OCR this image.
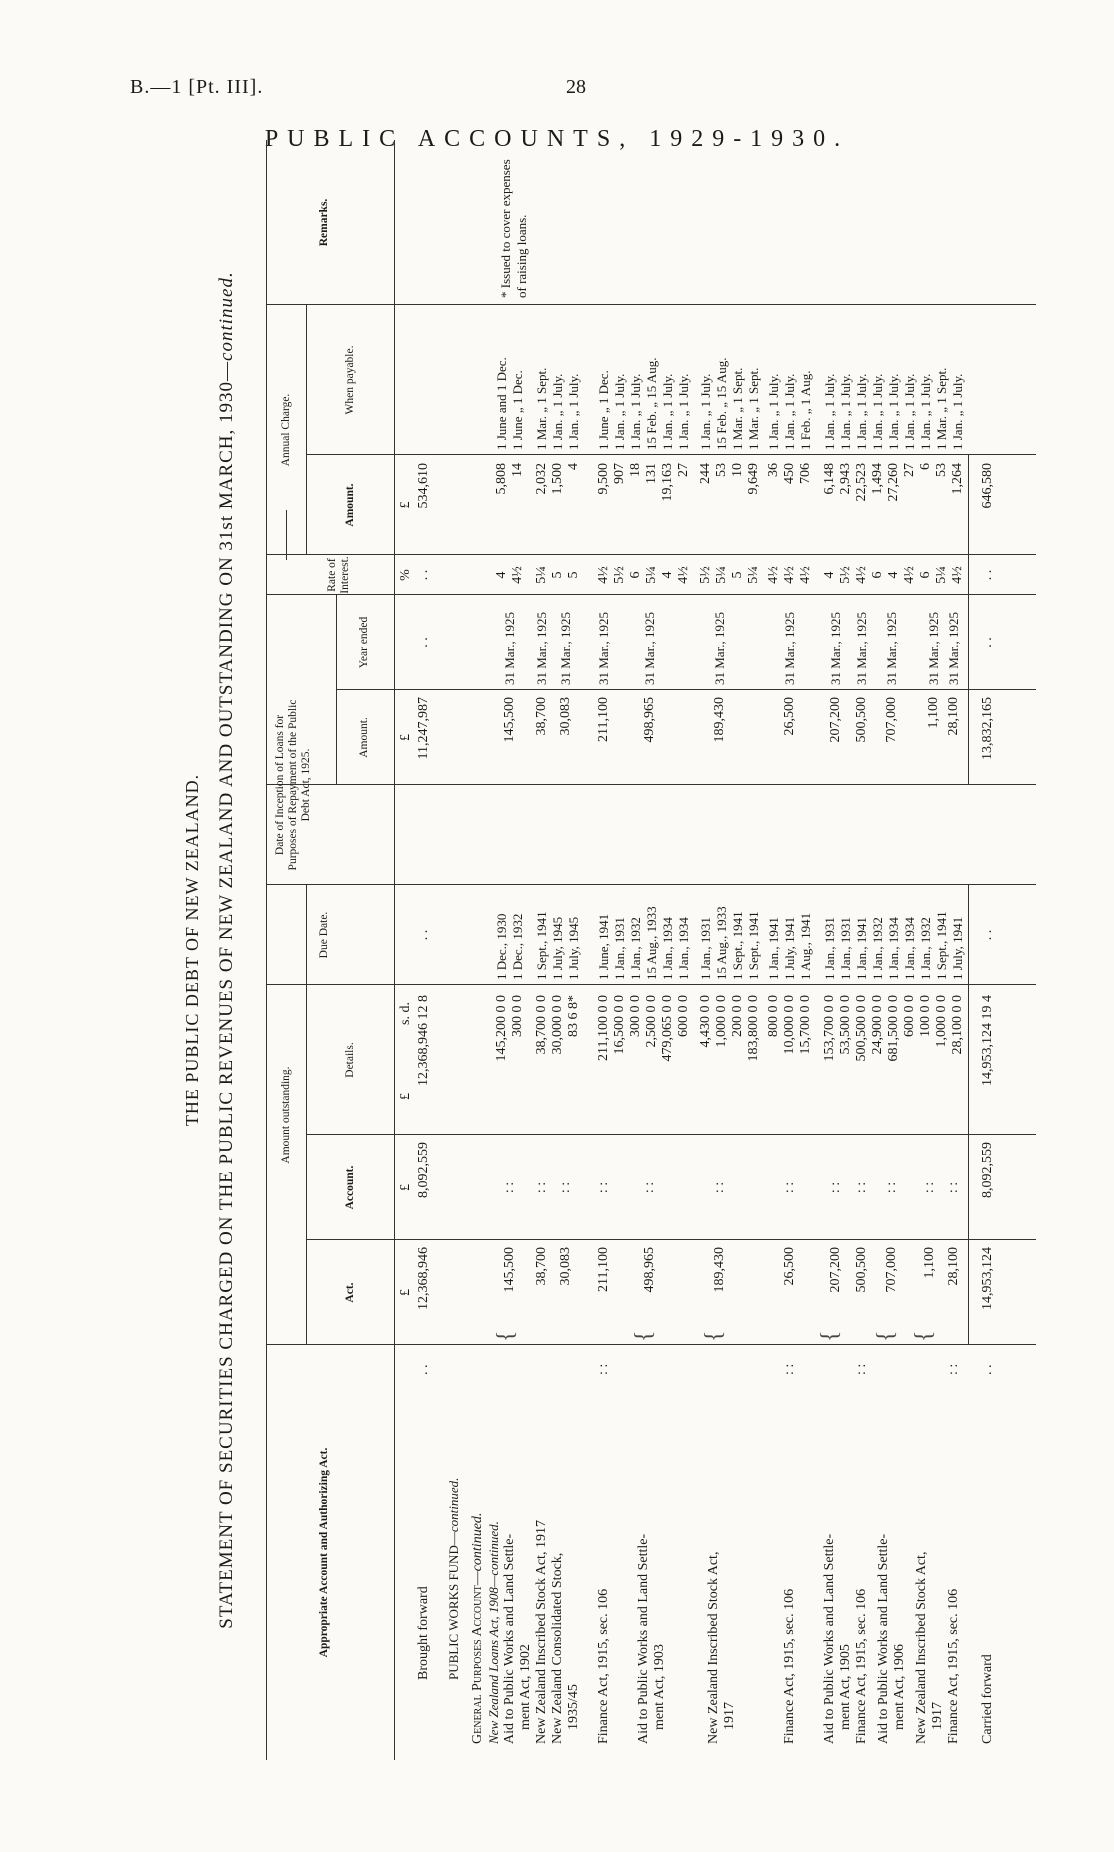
B.—1 [Pt. III].	28
PUBLIC ACCOUNTS, 1929-1930.
THE PUBLIC DEBT OF NEW ZEALAND. STATEMENT OF SECURITIES CHARGED ON THE PUBLIC REVENUES OF NEW ZEALAND AND OUTSTANDING ON 31st MARCH, 1930—continued.
Appropriate Account and Authorizing Act.
Amount outstanding.
Act.
Account.
Details.
Due Date.
Date of Inception of Loans for Purposes of Repayment of the Public Debt Act, 1925.
Amount.
Year ended
Rate of Interest.
Annual Charge.
Amount.
When payable.
Remarks.
£
£
£
s. d.
£
%
£
Brought forward
. .
12,368,946
8,092,559
12,368,946 12 8
. .
11,247,987
. .
. .
534,610
PUBLIC WORKS FUND—continued.
General Purposes Account—continued. New Zealand Loans Act, 1908—continued. Aid to Public Works and Land Settle- ment Act, 1902 New Zealand Inscribed Stock Act, 1917 New Zealand Consolidated Stock, 1935/45
{
145,500 38,700 30,083
: : : : : :
145,200 0 0 300 0 0 38,700 0 0 30,000 0 0 83 6 8*
1 Dec., 1930 1 Dec., 1932 1 Sept., 1941 1 July, 1945 1 July, 1945
145,500 38,700 30,083
31 Mar., 1925 31 Mar., 1925 31 Mar., 1925
4 4½ 5¼ 5 5
5,808 14 2,032 1,500 4
1 June and 1 Dec. 1 June „ 1 Dec. 1 Mar. „ 1 Sept. 1 Jan. „ 1 July. 1 Jan. „ 1 July.
* Issued to cover expenses of raising loans.
Finance Act, 1915, sec. 106
: :
211,100
: :
211,100
31 Mar., 1925
211,100 0 0 16,500 0 0 300 0 0 2,500 0 0 479,065 0 0 600 0 0
1 June, 1941 1 Jan., 1931 1 Jan., 1932 15 Aug., 1933 1 Jan., 1934 1 Jan., 1934
4½ 5½ 6 5¼ 4 4½
9,500 907 18 131 19,163 27
1 June „ 1 Dec. 1 Jan. „ 1 July. 1 Jan. „ 1 July. 15 Feb. „ 15 Aug. 1 Jan. „ 1 July. 1 Jan. „ 1 July.
Aid to Public Works and Land Settle- ment Act, 1903
{
498,965
: :
498,965
31 Mar., 1925
New Zealand Inscribed Stock Act, 1917
{
189,430
: :
189,430
31 Mar., 1925
4,430 0 0 1,000 0 0 200 0 0 183,800 0 0
1 Jan., 1931 15 Aug., 1933 1 Sept., 1941 1 Sept., 1941
5½ 5¼ 5 5¼
244 53 10 9,649
1 Jan. „ 1 July. 15 Feb. „ 15 Aug. 1 Mar. „ 1 Sept. 1 Mar. „ 1 Sept.
Finance Act, 1915, sec. 106
: :
26,500
: :
26,500
31 Mar., 1925
800 0 0 10,000 0 0 15,700 0 0
1 Jan., 1941 1 July, 1941 1 Aug., 1941
4½ 4½ 4½
36 450 706
1 Jan. „ 1 July. 1 Jan. „ 1 July. 1 Feb. „ 1 Aug.
Aid to Public Works and Land Settle- ment Act, 1905 Finance Act, 1915, sec. 106
: :
{
207,200 500,500
: : : :
153,700 0 0 53,500 0 0 500,500 0 0
1 Jan., 1931 1 Jan., 1931 1 Jan., 1941
207,200 500,500
31 Mar., 1925 31 Mar., 1925
4 5½ 4½
6,148 2,943 22,523
1 Jan. „ 1 July. 1 Jan. „ 1 July. 1 Jan. „ 1 July.
Aid to Public Works and Land Settle- ment Act, 1906 New Zealand Inscribed Stock Act, 1917 Finance Act, 1915, sec. 106
: :
{ {
707,000 1,100 28,100
: : : : : :
24,900 0 0 681,500 0 0 600 0 0 100 0 0 1,000 0 0 28,100 0 0
1 Jan., 1932 1 Jan., 1934 1 Jan., 1934 1 Jan., 1932 1 Sept., 1941 1 July, 1941
707,000 1,100 28,100
31 Mar., 1925 31 Mar., 1925 31 Mar., 1925
6 4 4½ 6 5¼ 4½
1,494 27,260 27 6 53 1,264
1 Jan. „ 1 July. 1 Jan. „ 1 July. 1 Jan. „ 1 July. 1 Jan. „ 1 July. 1 Mar. „ 1 Sept. 1 Jan. „ 1 July.
Carried forward
. .
14,953,124
8,092,559
14,953,124 19 4
. .
13,832,165
. .
. .
646,580
